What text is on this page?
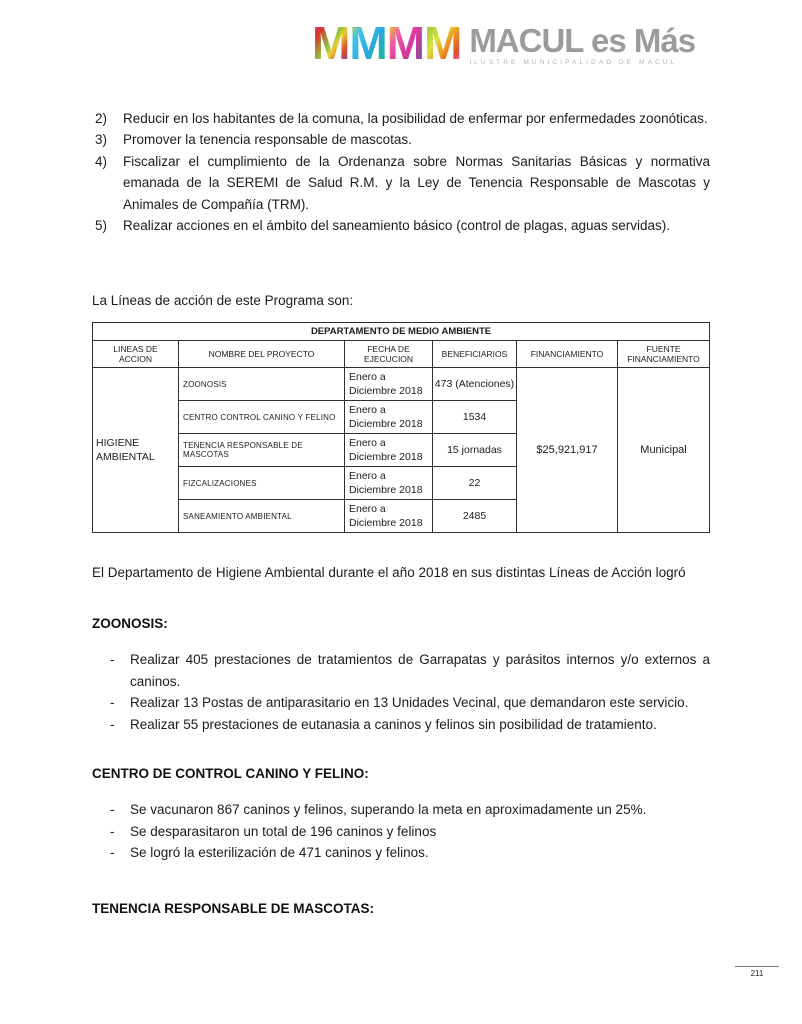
M M M M MACUL es Más
ILUSTRE MUNICIPALIDAD DE MACUL
2)	Reducir en los habitantes de la comuna, la posibilidad de enfermar por enfermedades zoonóticas.
3)	Promover la tenencia responsable de mascotas.
4)	Fiscalizar el cumplimiento de la Ordenanza sobre Normas Sanitarias Básicas y normativa emanada de la SEREMI de Salud R.M. y la Ley de Tenencia Responsable de Mascotas y Animales de Compañía (TRM).
5)	Realizar acciones en el ámbito del saneamiento básico (control de plagas, aguas servidas).
La Líneas de acción de este Programa son:
DEPARTAMENTO DE MEDIO AMBIENTE					
LINEAS DE ACCION	NOMBRE DEL PROYECTO	FECHA DE EJECUCION	BENEFICIARIOS	FINANCIAMIENTO	FUENTE FINANCIAMIENTO
HIGIENE AMBIENTAL	ZOONOSIS	Enero a Diciembre 2018	473 (Atenciones)	$25,921,917	Municipal
	CENTRO CONTROL CANINO Y FELINO	Enero a Diciembre 2018	1534		
	TENENCIA RESPONSABLE DE MASCOTAS	Enero a Diciembre 2018	15 jornadas		
	FIZCALIZACIONES	Enero a Diciembre 2018	22		
	SANEAMIENTO AMBIENTAL	Enero a Diciembre 2018	2485		
El Departamento de Higiene Ambiental durante el año 2018 en sus distintas Líneas de Acción logró
ZOONOSIS:
-	Realizar 405 prestaciones de tratamientos de Garrapatas y parásitos internos y/o externos a caninos.
-	Realizar 13 Postas de antiparasitario en 13 Unidades Vecinal, que demandaron este servicio.
-	Realizar 55 prestaciones de eutanasia a caninos y felinos sin posibilidad de tratamiento.
CENTRO DE CONTROL CANINO Y FELINO:
-	Se vacunaron 867 caninos y felinos, superando la meta en aproximadamente un 25%.
-	Se desparasitaron un total de 196 caninos y felinos
-	Se logró la esterilización de 471 caninos y felinos.
TENENCIA RESPONSABLE DE MASCOTAS:
211
